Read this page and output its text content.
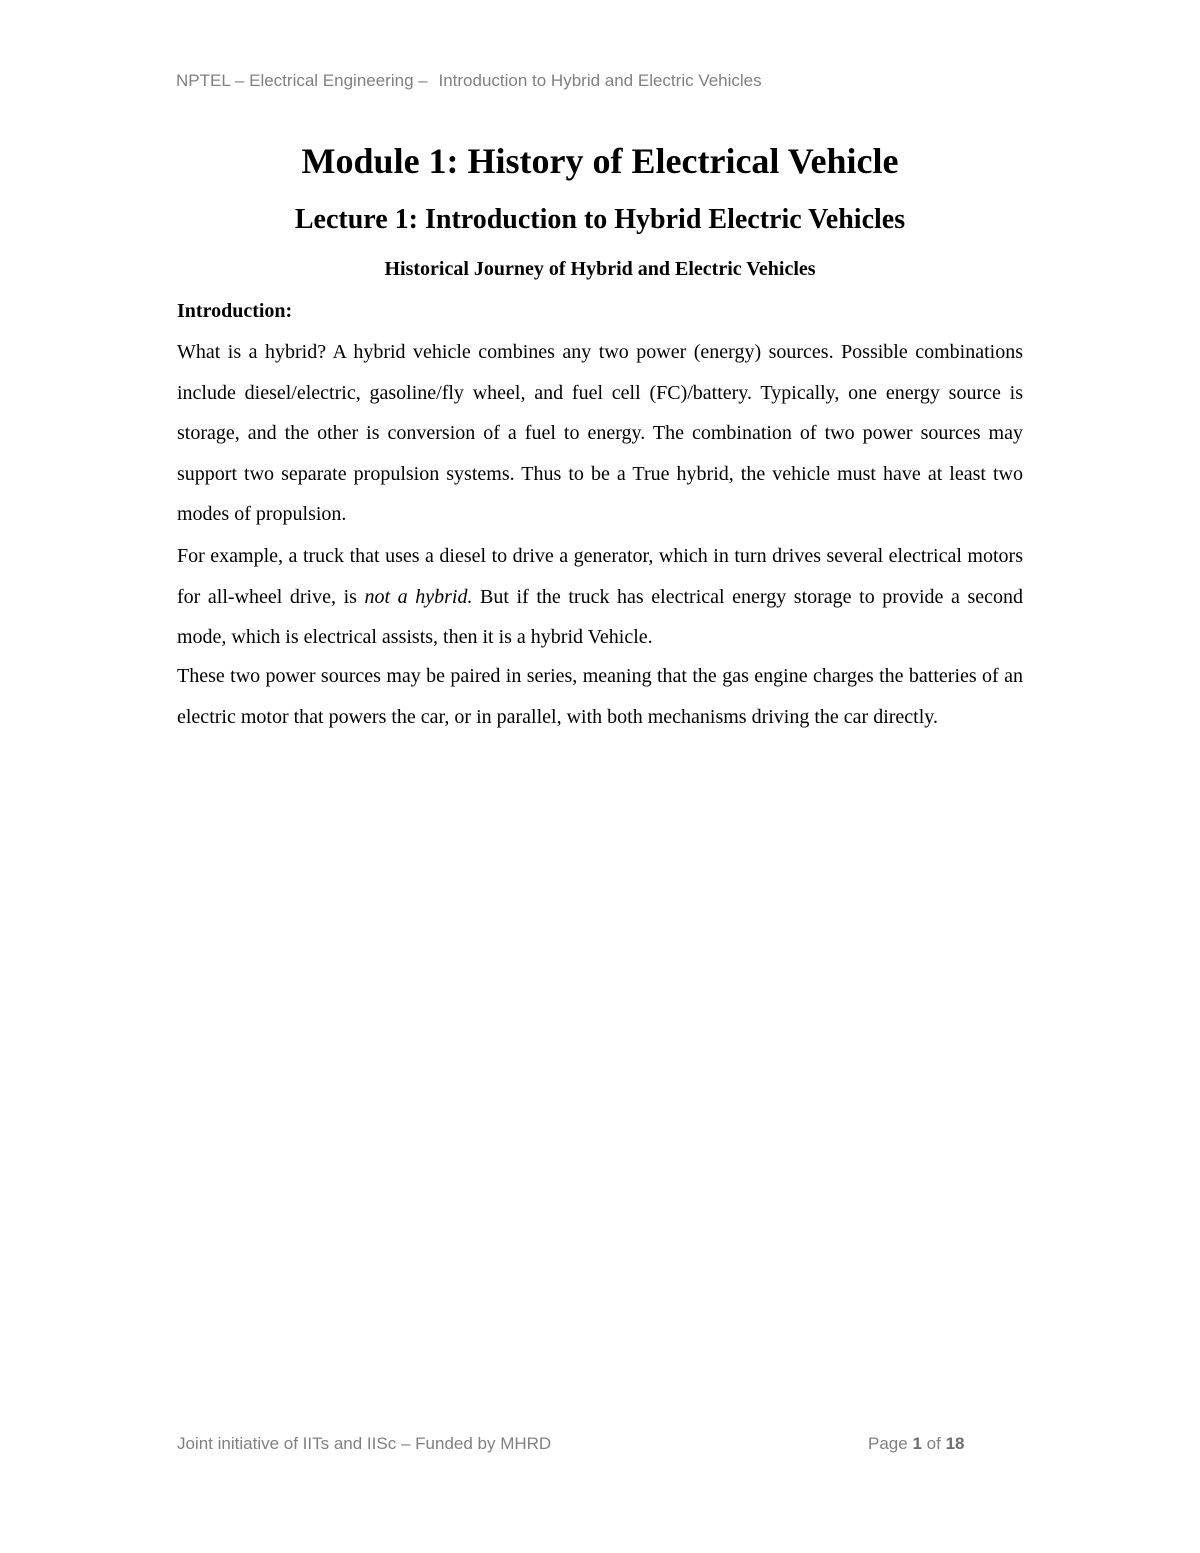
NPTEL – Electrical Engineering – Introduction to Hybrid and Electric Vehicles
Module 1: History of Electrical Vehicle
Lecture 1: Introduction to Hybrid Electric Vehicles
Historical Journey of Hybrid and Electric Vehicles
Introduction:
What is a hybrid? A hybrid vehicle combines any two power (energy) sources. Possible combinations include diesel/electric, gasoline/fly wheel, and fuel cell (FC)/battery. Typically, one energy source is storage, and the other is conversion of a fuel to energy. The combination of two power sources may support two separate propulsion systems. Thus to be a True hybrid, the vehicle must have at least two modes of propulsion.
For example, a truck that uses a diesel to drive a generator, which in turn drives several electrical motors for all-wheel drive, is not a hybrid. But if the truck has electrical energy storage to provide a second mode, which is electrical assists, then it is a hybrid Vehicle.
These two power sources may be paired in series, meaning that the gas engine charges the batteries of an electric motor that powers the car, or in parallel, with both mechanisms driving the car directly.
Joint initiative of IITs and IISc – Funded by MHRD	Page 1 of 18
